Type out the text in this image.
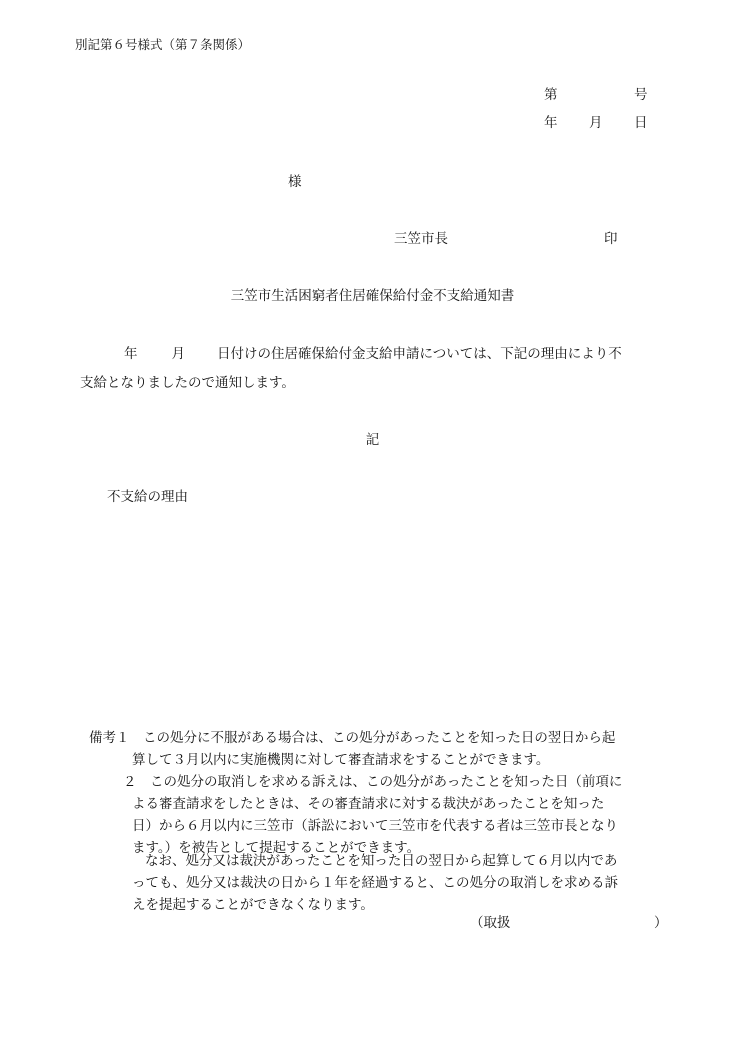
別記第６号様式（第７条関係）
第	号
年 月 日
様
三笠市長	印
三笠市生活困窮者住居確保給付金不支給通知書
年	月 日付けの住居確保給付金支給申請については、下記の理由により不
支給となりましたので通知します。
記
不支給の理由
備考１　この処分に不服がある場合は、この処分があったことを知った日の翌日から起
算して３月以内に実施機関に対して審査請求をすることができます。
２　この処分の取消しを求める訴えは、この処分があったことを知った日（前項に
よる審査請求をしたときは、その審査請求に対する裁決があったことを知った
日）から６月以内に三笠市（訴訟において三笠市を代表する者は三笠市長となり
ます。）を被告として提起することができます。
なお、処分又は裁決があったことを知った日の翌日から起算して６月以内であ
っても、処分又は裁決の日から１年を経過すると、この処分の取消しを求める訴
えを提起することができなくなります。
（取扱	）
